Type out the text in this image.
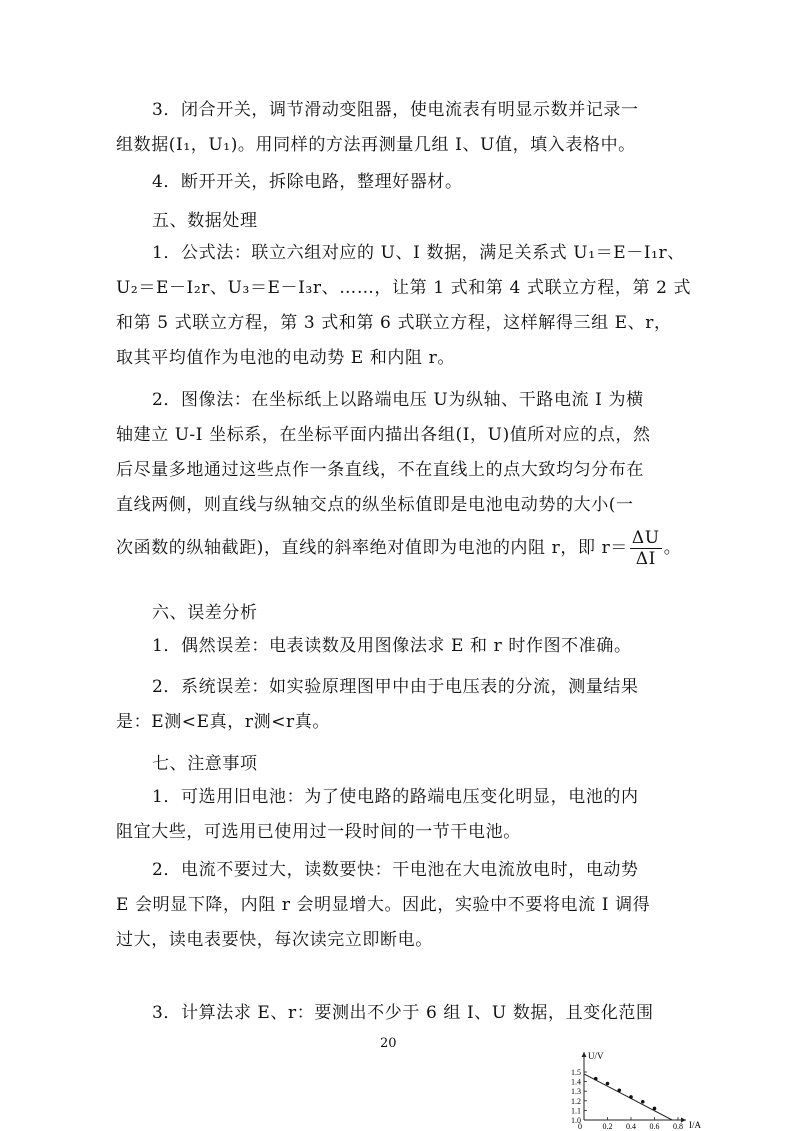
3．闭合开关，调节滑动变阻器，使电流表有明显示数并记录一
组数据(I₁，U₁)。用同样的方法再测量几组 I、U值，填入表格中。

4．断开开关，拆除电路，整理好器材。

五、数据处理

1．公式法：联立六组对应的 U、I 数据，满足关系式 U₁＝E－I₁r、
U₂＝E－I₂r、U₃＝E－I₃r、……，让第 1 式和第 4 式联立方程，第 2 式
和第 5 式联立方程，第 3 式和第 6 式联立方程，这样解得三组 E、r，
取其平均值作为电池的电动势 E 和内阻 r。

2．图像法：在坐标纸上以路端电压 U为纵轴、干路电流 I 为横
轴建立 U-I 坐标系，在坐标平面内描出各组(I，U)值所对应的点，然
后尽量多地通过这些点作一条直线，不在直线上的点大致均匀分布在
直线两侧，则直线与纵轴交点的纵坐标值即是电池电动势的大小(一
次函数的纵轴截距)，直线的斜率绝对值即为电池的内阻 r，即 $r= \frac{\Delta U}{\Delta I}$ 。

六、误差分析

1．偶然误差：电表读数及用图像法求 E 和 r 时作图不准确。

2．系统误差：如实验原理图甲中由于电压表的分流，测量结果
是：E测<E真，r测<r真。

七、注意事项

1．可选用旧电池：为了使电路的路端电压变化明显，电池的内
阻宜大些，可选用已使用过一段时间的一节干电池。

2．电流不要过大，读数要快：干电池在大电流放电时，电动势
E 会明显下降，内阻 r 会明显增大。因此，实验中不要将电流 I 调得
过大，读电表要快，每次读完立即断电。

3．计算法求 E、r：要测出不少于 6 组 I、U 数据，且变化范围

20
U/V
I/A
1.0
1.1
1.2
1.3
1.4
1.5
0	0.2 0.4 0.6 0.8
